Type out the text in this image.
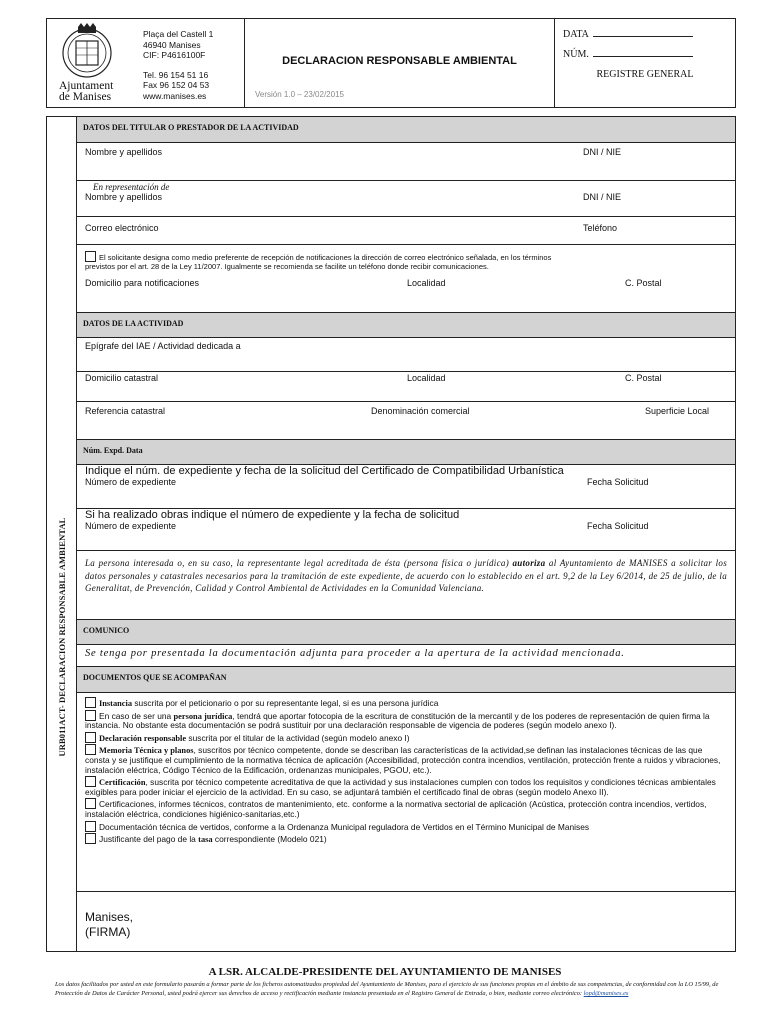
Ajuntament
de Manises
Plaça del Castell 1
46940 Manises
CIF: P4616100F
Tel. 96 154 51 16
Fax 96 152 04 53
www.manises.es
DECLARACION RESPONSABLE AMBIENTAL
Versión 1.0 – 23/02/2015
DATA
NÚM.
REGISTRE GENERAL
URB011ACT- DECLARACION RESPONSABLE AMBIENTAL
DATOS DEL TITULAR O PRESTADOR DE LA ACTIVIDAD
Nombre y apellidos	DNI / NIE
En representación de
Nombre y apellidos	DNI / NIE
Correo electrónico	Teléfono
El solicitante designa como medio preferente de recepción de notificaciones la dirección de correo electrónico señalada, en los términos
previstos por el art. 28 de la Ley 11/2007. Igualmente se recomienda se facilite un teléfono donde recibir comunicaciones.
Domicilio para notificaciones	Localidad	C. Postal
DATOS DE LA ACTIVIDAD
Epígrafe del IAE / Actividad dedicada a
Domicilio catastral	Localidad	C. Postal
Referencia catastral	Denominación comercial	Superficie Local
Núm. Expd. Data
Indique el núm. de expediente y fecha de la solicitud del Certificado de Compatibilidad Urbanística
Número de expediente	Fecha Solicitud
Si ha realizado obras indique el número de expediente y la fecha de solicitud
Número de expediente	Fecha Solicitud
La persona interesada o, en su caso, la representante legal acreditada de ésta (persona física o jurídica) autoriza al Ayuntamiento de MANISES a solicitar los datos personales y catastrales necesarios para la tramitación de este expediente, de acuerdo con lo establecido en el art. 9,2 de la Ley 6/2014, de 25 de julio, de la Generalitat, de Prevención, Calidad y Control Ambiental de Actividades en la Comunidad Valenciana.
COMUNICO
Se tenga por presentada la documentación adjunta para proceder a la apertura de la actividad mencionada.
DOCUMENTOS QUE SE ACOMPAÑAN
Instancia suscrita por el peticionario o por su representante legal, si es una persona jurídica
En caso de ser una persona jurídica, tendrá que aportar fotocopia de la escritura de constitución de la mercantil y de los poderes de representación de quien firma la instancia. No obstante esta documentación se podrá sustituir por una declaración responsable de vigencia de poderes (según modelo anexo I).
Declaración responsable suscrita por el titular de la actividad (según modelo anexo I)
Memoria Técnica y planos, suscritos por técnico competente, donde se describan las características de la actividad,se definan las instalaciones técnicas de las que consta y se justifique el cumplimiento de la normativa técnica de aplicación (Accesibilidad, protección contra incendios, ventilación, protección frente a ruidos y vibraciones, instalación eléctrica, Código Técnico de la Edificación, ordenanzas municipales, PGOU, etc.).
Certificación, suscrita por técnico competente acreditativa de que la actividad y sus instalaciones cumplen con todos los requisitos y condiciones técnicas ambientales exigibles para poder iniciar el ejercicio de la actividad. En su caso, se adjuntará también el certificado final de obras (según modelo Anexo II).
Certificaciones, informes técnicos, contratos de mantenimiento, etc. conforme a la normativa sectorial de aplicación (Acústica, protección contra incendios, vertidos, instalación eléctrica, condiciones higiénico-sanitarias,etc.)
Documentación técnica de vertidos, conforme a la Ordenanza Municipal reguladora de Vertidos en el Término Municipal de Manises
Justificante del pago de la tasa correspondiente (Modelo 021)
Manises,
(FIRMA)
A LSR. ALCALDE-PRESIDENTE DEL AYUNTAMIENTO DE MANISES
Los datos facilitados por usted en este formulario pasarán a formar parte de los ficheros automatizados propiedad del Ayuntamiento de Manises, para el ejercicio de sus funciones propias en el ámbito de sus competencias, de conformidad con la LO 15/99, de Protección de Datos de Carácter Personal, usted podrá ejercer sus derechos de acceso y rectificación mediante instancia presentada en el Registro General de Entrada, o bien, mediante correo electrónico: lopd@manises.es
